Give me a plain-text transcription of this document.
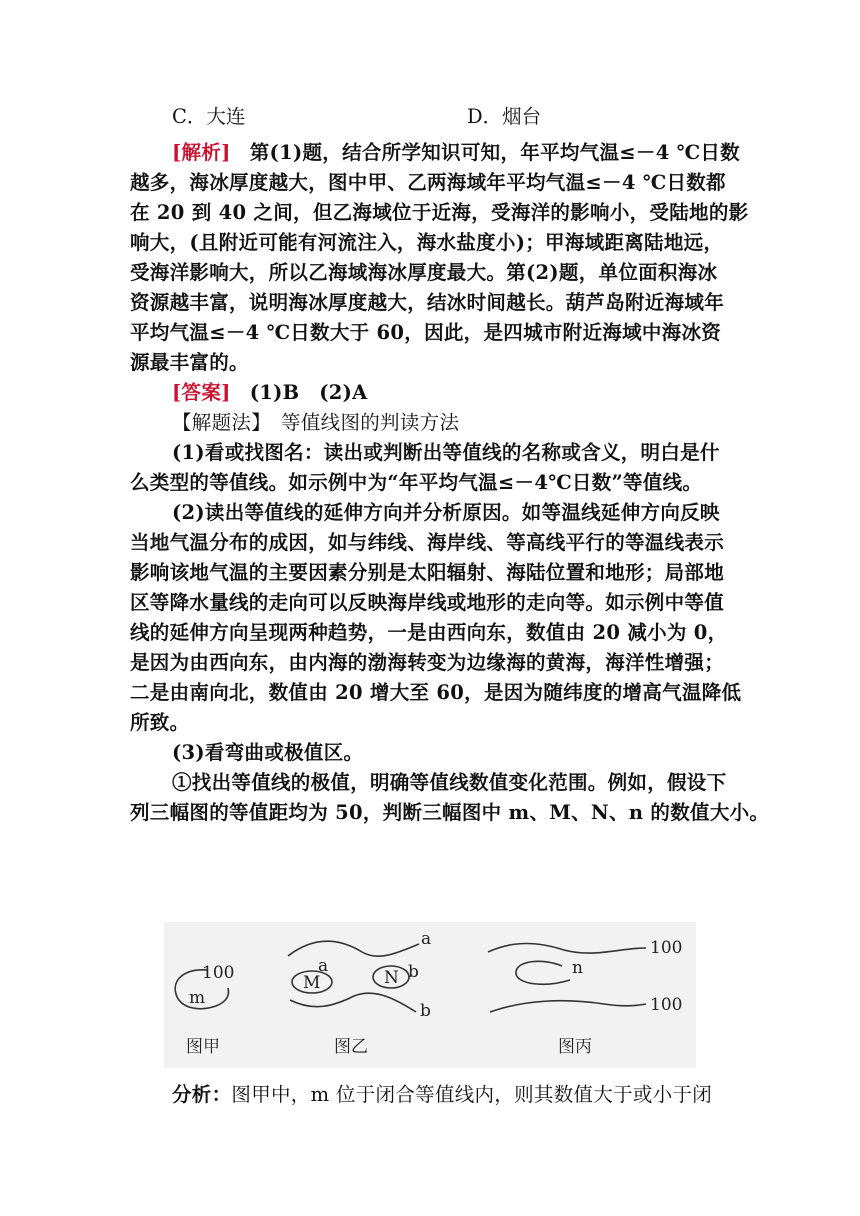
C．大连	D．烟台
[解析] 第(1)题，结合所学知识可知，年平均气温≤－4 ℃日数
越多，海冰厚度越大，图中甲、乙两海域年平均气温≤－4 ℃日数都
在 20 到 40 之间，但乙海域位于近海，受海洋的影响小，受陆地的影
响大，(且附近可能有河流注入，海水盐度小)；甲海域距离陆地远，
受海洋影响大，所以乙海域海冰厚度最大。第(2)题，单位面积海冰
资源越丰富，说明海冰厚度越大，结冰时间越长。葫芦岛附近海域年
平均气温≤－4 ℃日数大于 60，因此，是四城市附近海域中海冰资
源最丰富的。
[答案] (1)B　(2)A
【解题法】　等值线图的判读方法
(1)看或找图名：读出或判断出等值线的名称或含义，明白是什
么类型的等值线。如示例中为“年平均气温≤－4℃日数”等值线。
(2)读出等值线的延伸方向并分析原因。如等温线延伸方向反映
当地气温分布的成因，如与纬线、海岸线、等高线平行的等温线表示
影响该地气温的主要因素分别是太阳辐射、海陆位置和地形；局部地
区等降水量线的走向可以反映海岸线或地形的走向等。如示例中等值
线的延伸方向呈现两种趋势，一是由西向东，数值由 20 减小为 0，
是因为由西向东，由内海的渤海转变为边缘海的黄海，海洋性增强；
二是由南向北，数值由 20 增大至 60，是因为随纬度的增高气温降低
所致。
(3)看弯曲或极值区。
①找出等值线的极值，明确等值线数值变化范围。例如，假设下
列三幅图的等值距均为 50，判断三幅图中 m、M、N、n 的数值大小。
100
m
图甲
a
a
M	N b
b
图乙
100
n
100
图丙
分析：图甲中，m 位于闭合等值线内，则其数值大于或小于闭
